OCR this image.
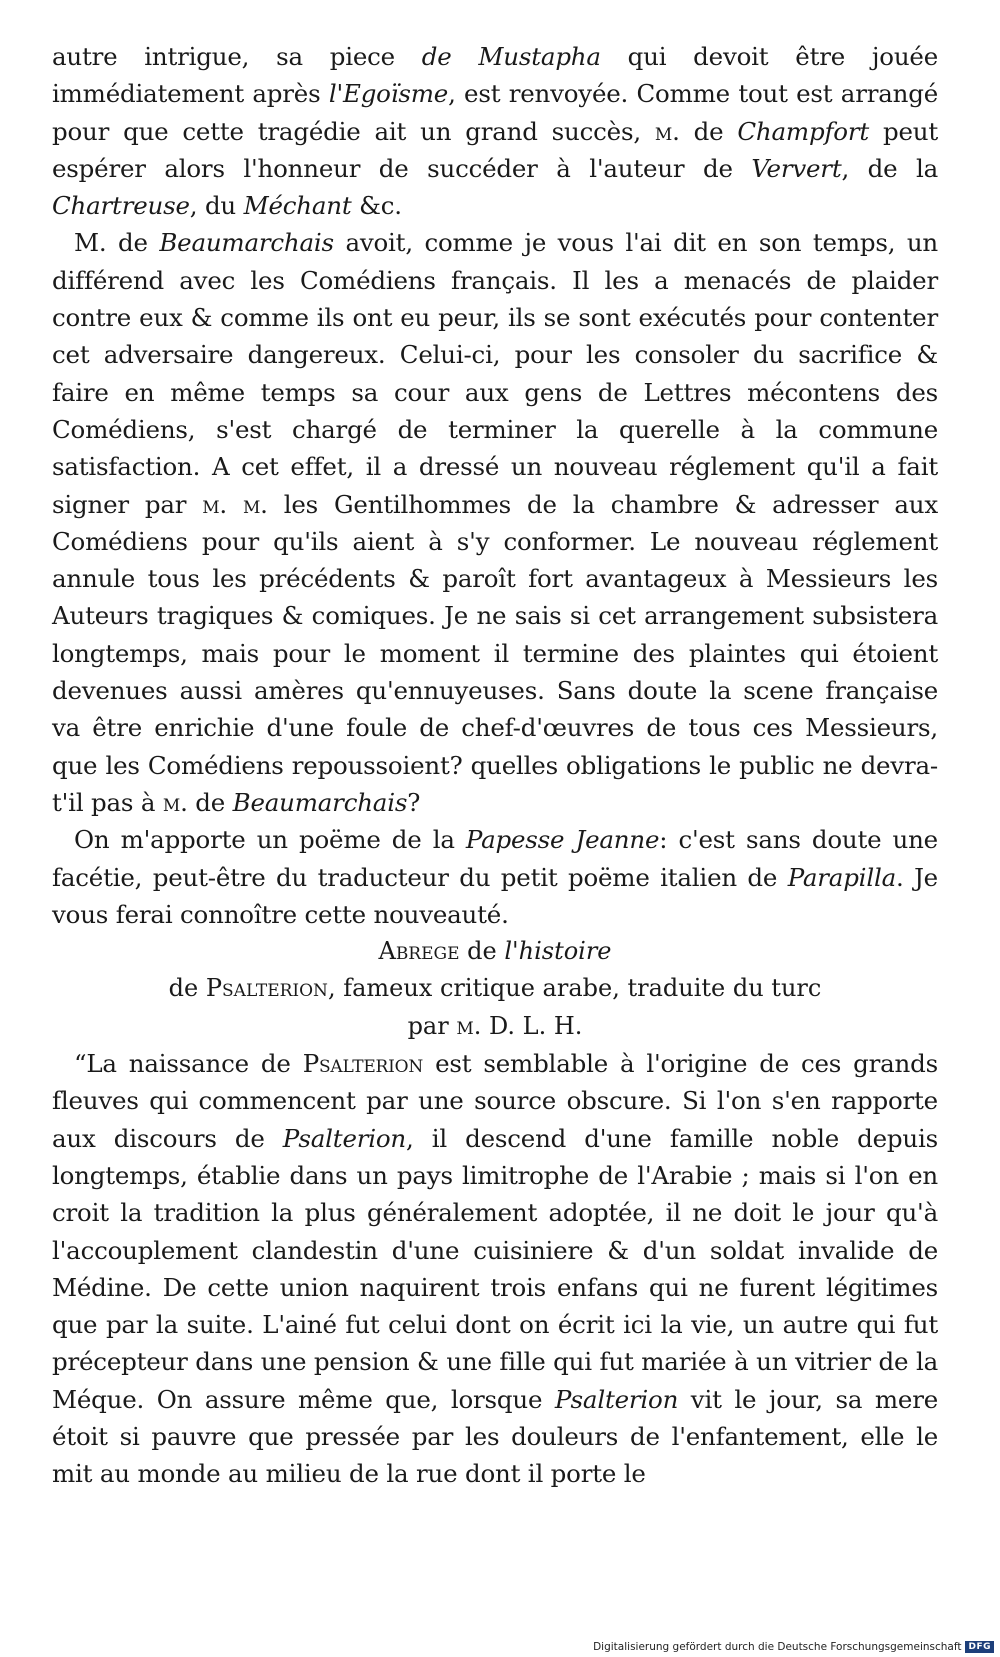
autre intrigue, sa piece de Mustapha qui devoit être jouée immédiatement après l'Egoïsme, est renvoyée. Comme tout est arrangé pour que cette tragédie ait un grand succès, m. de Champfort peut espérer alors l'honneur de succéder à l'auteur de Ververt, de la Chartreuse, du Méchant &c.

M. de Beaumarchais avoit, comme je vous l'ai dit en son temps, un différend avec les Comédiens français. Il les a menacés de plaider contre eux & comme ils ont eu peur, ils se sont exécutés pour contenter cet adversaire dangereux. Celui-ci, pour les consoler du sacrifice & faire en même temps sa cour aux gens de Lettres mécontens des Comédiens, s'est chargé de terminer la querelle à la commune satisfaction. A cet effet, il a dressé un nouveau réglement qu'il a fait signer par m. m. les Gentilhommes de la chambre & adresser aux Comédiens pour qu'ils aient à s'y conformer. Le nouveau réglement annule tous les précédents & paroît fort avantageux à Messieurs les Auteurs tragiques & comiques. Je ne sais si cet arrangement subsistera longtemps, mais pour le moment il termine des plaintes qui étoient devenues aussi amères qu'ennuyeuses. Sans doute la scene française va être enrichie d'une foule de chef-d'œuvres de tous ces Messieurs, que les Comédiens repoussoient? quelles obligations le public ne devra-t'il pas à m. de Beaumarchais?

On m'apporte un poëme de la Papesse Jeanne: c'est sans doute une facétie, peut-être du traducteur du petit poëme italien de Parapilla. Je vous ferai connoître cette nouveauté.

Abrege de l'histoire

de Psalterion, fameux critique arabe, traduite du turc

par m. D. L. H.

“La naissance de Psalterion est semblable à l'origine de ces grands fleuves qui commencent par une source obscure. Si l'on s'en rapporte aux discours de Psalterion, il descend d'une famille noble depuis longtemps, établie dans un pays limitrophe de l'Arabie ; mais si l'on en croit la tradition la plus généralement adoptée, il ne doit le jour qu'à l'accouplement clandestin d'une cuisiniere & d'un soldat invalide de Médine. De cette union naquirent trois enfans qui ne furent légitimes que par la suite. L'ainé fut celui dont on écrit ici la vie, un autre qui fut précepteur dans une pension & une fille qui fut mariée à un vitrier de la Méque. On assure même que, lorsque Psalterion vit le jour, sa mere étoit si pauvre que pressée par les douleurs de l'enfantement, elle le mit au monde au milieu de la rue dont il porte le

Digitalisierung gefördert durch die Deutsche Forschungsgemeinschaft DFG
